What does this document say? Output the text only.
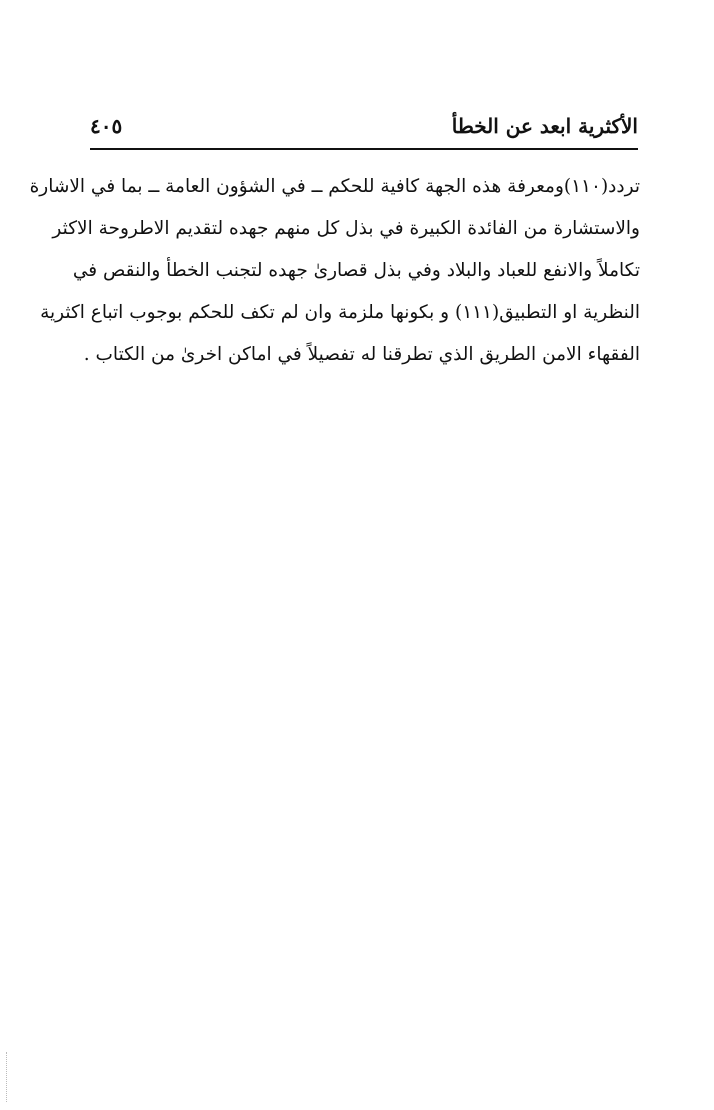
الأكثرية ابعد عن الخطأ
٤٠٥
تردد(١١٠)ومعرفة هذه الجهة كافية للحكم ــ في الشؤون العامة ــ بما في الاشارة
والاستشارة من الفائدة الكبيرة في بذل كل منهم جهده لتقديم الاطروحة الاكثر
تكاملاً والانفع للعباد والبلاد وفي بذل قصارىٰ جهده لتجنب الخطأ والنقص في
النظرية او التطبيق(١١١) و بكونها ملزمة وان لم تكف للحكم بوجوب اتباع اكثرية
الفقهاء الامن الطريق الذي تطرقنا له تفصيلاً في اماكن اخرىٰ من الكتاب .
